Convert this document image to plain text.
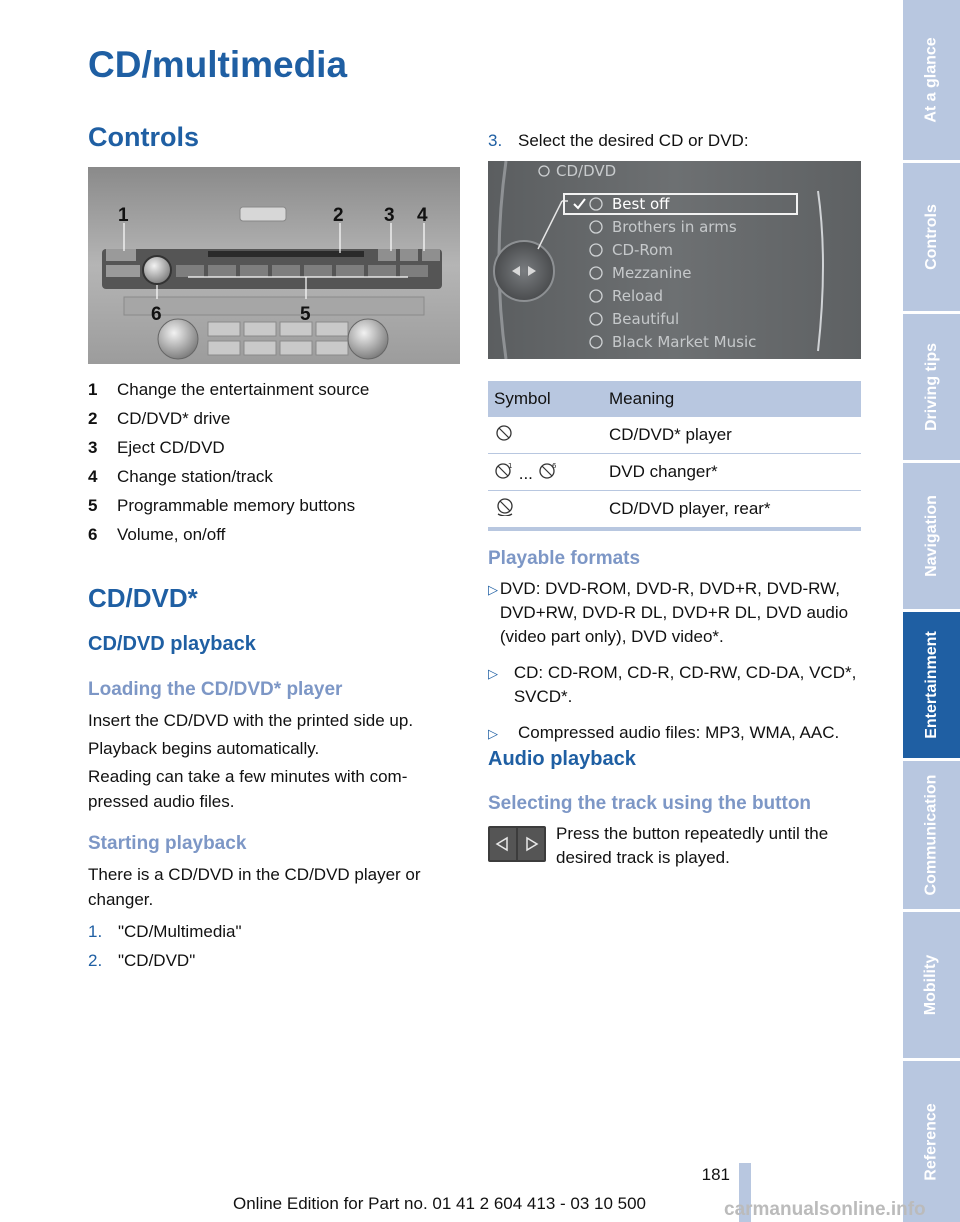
CD/multimedia
Controls
1	2 3 4
5
6
1	Change the entertainment source
2	CD/DVD* drive
3	Eject CD/DVD
4	Change station/track
5	Programmable memory buttons
6	Volume, on/off
CD/DVD*
CD/DVD playback
Loading the CD/DVD* player

Insert the CD/DVD with the printed side up.

Playback begins automatically.

Reading can take a few minutes with com-pressed audio files.

Starting playback

There is a CD/DVD in the CD/DVD player or changer.

1. "CD/Multimedia"
2. "CD/DVD"
3. Select the desired CD or DVD:
CD/DVD
Best off
Brothers in arms
CD-Rom
Mezzanine
Reload
Beautiful
Black Market Music
Symbol	Meaning
	CD/DVD* player

1 ... 6	DVD changer*
	CD/DVD player, rear*
Playable formats
▷ DVD: DVD-ROM, DVD-R, DVD+R, DVD-RW, DVD+RW, DVD-R DL, DVD+R DL, DVD audio (video part only), DVD video*.
▷ CD: CD-ROM, CD-R, CD-RW, CD-DA, VCD*, SVCD*.
▷	Compressed audio files: MP3, WMA, AAC.
Audio playback
Selecting the track using the button

Press the button repeatedly until the desired track is played.

181
Online Edition for Part no. 01 41 2 604 413 - 03 10 500
At a glance
Controls
Driving tips
Navigation
Entertainment
Communication
Mobility
Reference
carmanualsonline.info
